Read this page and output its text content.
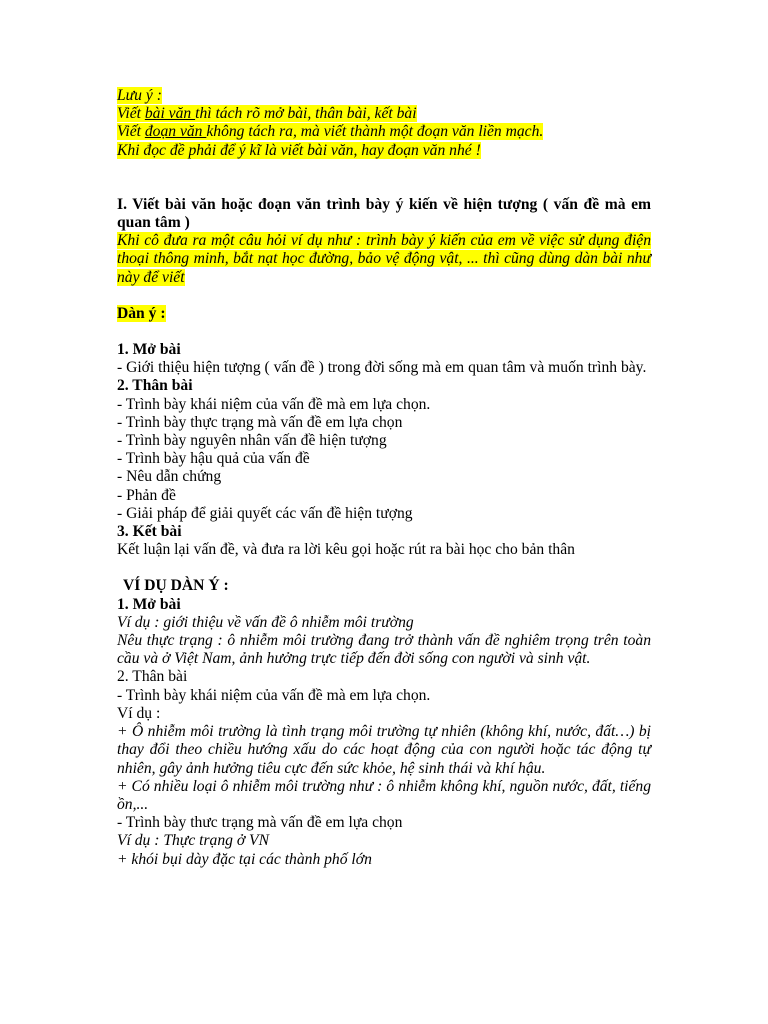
Lưu ý :
Viết bài văn thì tách rõ mở bài, thân bài, kết bài
Viết đoạn văn không tách ra, mà viết thành một đoạn văn liền mạch.
Khi đọc đề phải để ý kĩ là viết bài văn, hay đoạn văn nhé !
I. Viết bài văn hoặc đoạn văn trình bày ý kiến về hiện tượng ( vấn đề mà em quan tâm )
Khi cô đưa ra một câu hỏi ví dụ như : trình bày ý kiến của em về việc sử dụng điện thoại thông minh, bắt nạt học đường, bảo vệ động vật, ... thì cũng dùng dàn bài như này để viết
Dàn ý :
1. Mở bài
- Giới thiệu hiện tượng ( vấn đề ) trong đời sống mà em quan tâm và muốn trình bày.
2. Thân bài
- Trình bày khái niệm của vấn đề mà em lựa chọn.
- Trình bày thực trạng mà vấn đề em lựa chọn
- Trình bày nguyên nhân vấn đề hiện tượng
- Trình bày hậu quả của vấn đề
- Nêu dẫn chứng
- Phản đề
- Giải pháp để giải quyết các vấn đề hiện tượng
3. Kết bài
Kết luận lại vấn đề, và đưa ra lời kêu gọi hoặc rút ra bài học cho bản thân
VÍ DỤ DÀN Ý :
1. Mở bài
Ví dụ : giới thiệu về vấn đề ô nhiễm môi trường
Nêu thực trạng : ô nhiễm môi trường đang trở thành vấn đề nghiêm trọng trên toàn cầu và ở Việt Nam, ảnh hưởng trực tiếp đến đời sống con người và sinh vật.
2. Thân bài
- Trình bày khái niệm của vấn đề mà em lựa chọn.
Ví dụ :
+ Ô nhiễm môi trường là tình trạng môi trường tự nhiên (không khí, nước, đất…) bị thay đổi theo chiều hướng xấu do các hoạt động của con người hoặc tác động tự nhiên, gây ảnh hưởng tiêu cực đến sức khỏe, hệ sinh thái và khí hậu.
+ Có nhiều loại ô nhiễm môi trường như : ô nhiễm không khí, nguồn nước, đất, tiếng ồn,...
- Trình bày thưc trạng mà vấn đề em lựa chọn
Ví dụ : Thực trạng ở VN
+ khói bụi dày đặc tại các thành phố lớn
